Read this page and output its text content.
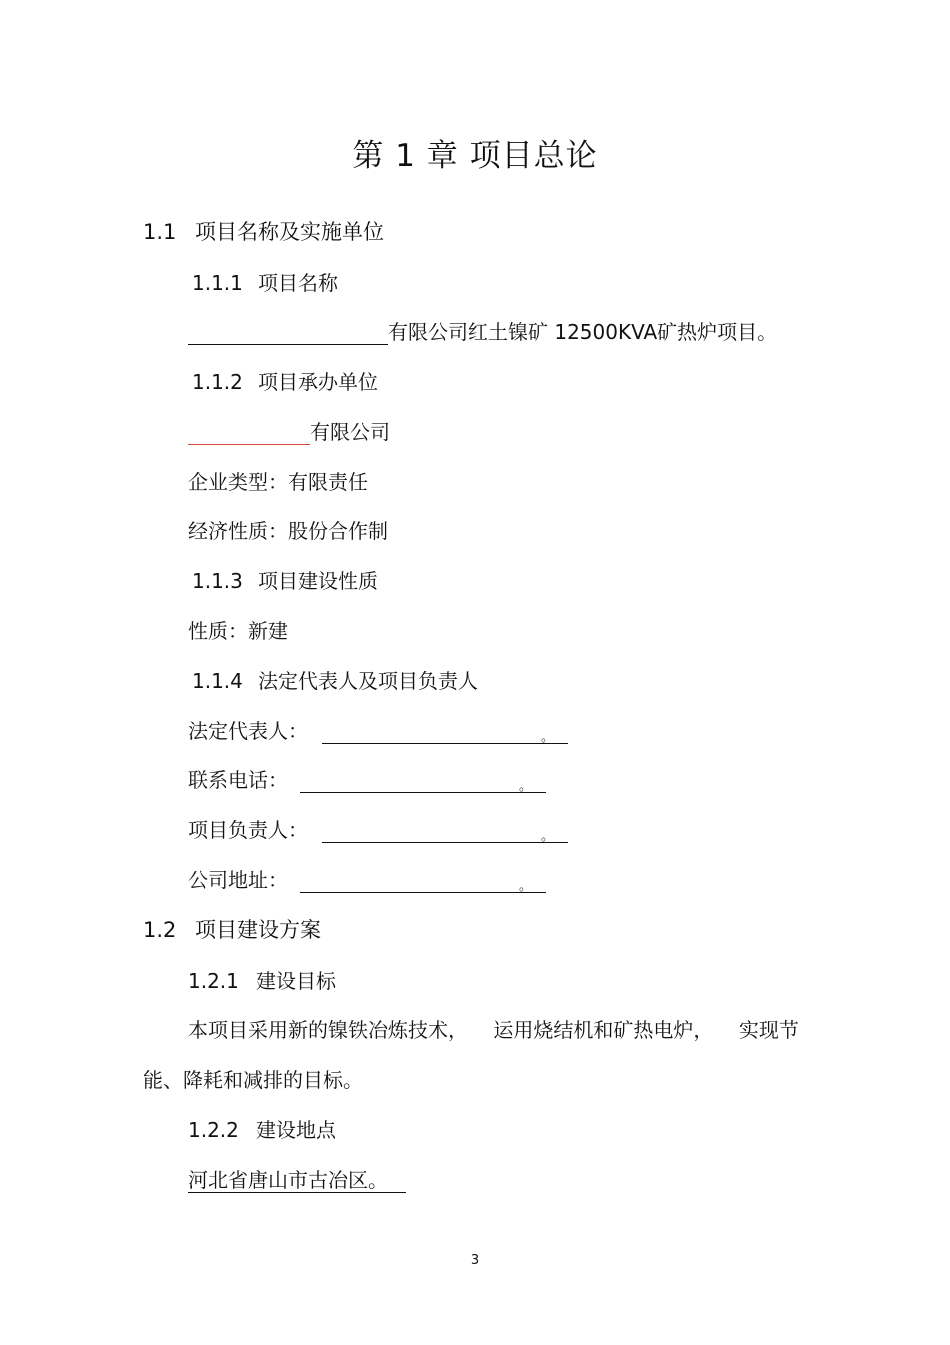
第 1 章 项目总论
1.1 项目名称及实施单位
1.1.1 项目名称
有限公司红土镍矿 12500KVA矿热炉项目。
1.1.2 项目承办单位
有限公司
企业类型：有限责任
经济性质：股份合作制
1.1.3 项目建设性质
性质：新建
1.1.4 法定代表人及项目负责人
法定代表人：	。
联系电话：	。
项目负责人：	。
公司地址：	。
1.2 项目建设方案
1.2.1 建设目标
本项目采用新的镍铁冶炼技术，    运用烧结机和矿热电炉，    实现节
能、降耗和减排的目标。
1.2.2 建设地点
河北省唐山市古冶区。
3
